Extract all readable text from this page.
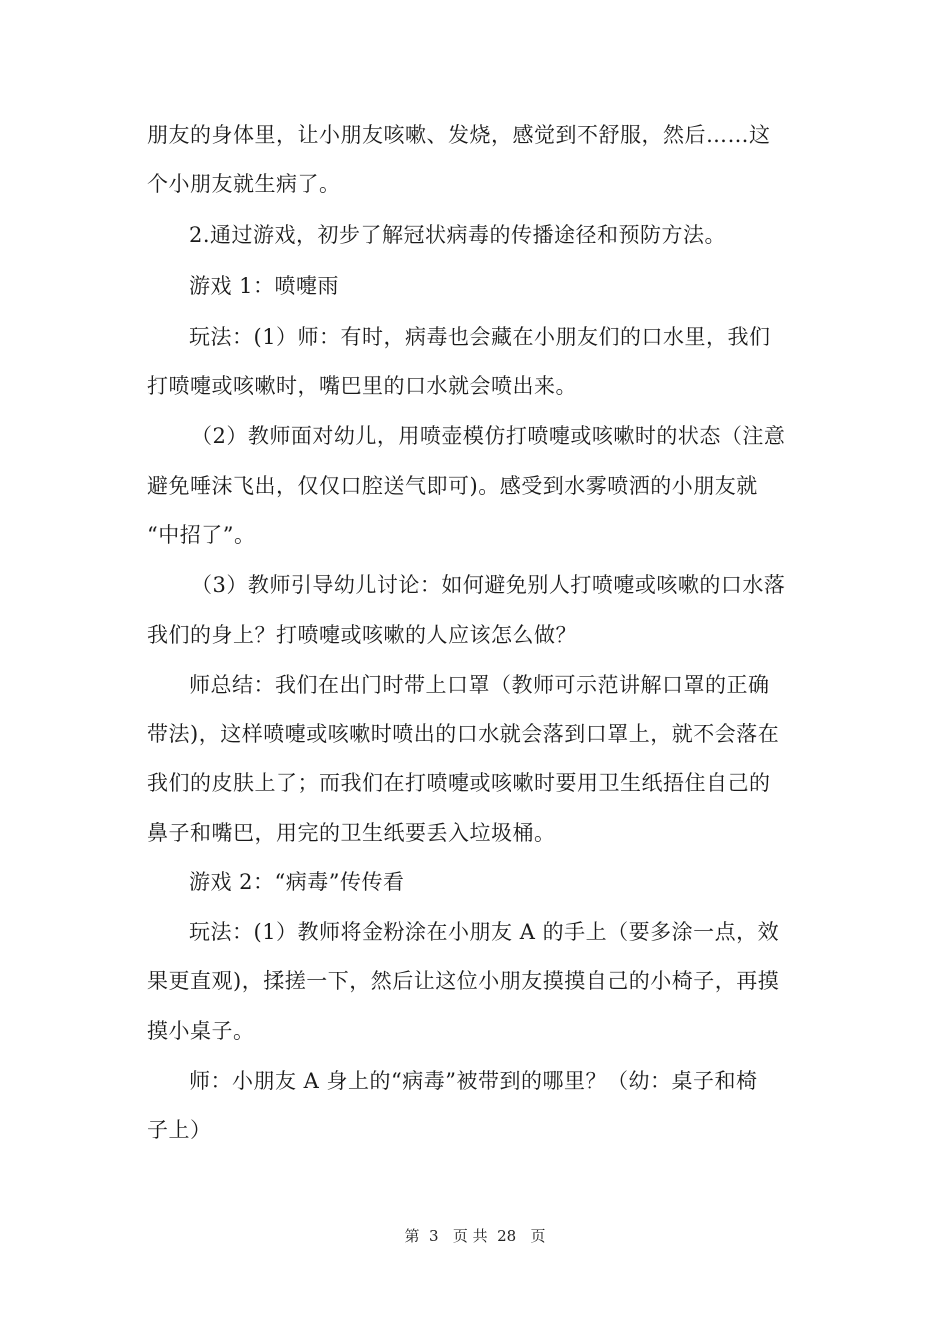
朋友的身体里，让小朋友咳嗽、发烧，感觉到不舒服，然后……这
个小朋友就生病了。
2.通过游戏，初步了解冠状病毒的传播途径和预防方法。
游戏 1：喷嚏雨
玩法：(1）师：有时，病毒也会藏在小朋友们的口水里，我们
打喷嚏或咳嗽时，嘴巴里的口水就会喷出来。
（2）教师面对幼儿，用喷壶模仿打喷嚏或咳嗽时的状态（注意
避免唾沫飞出，仅仅口腔送气即可)。感受到水雾喷洒的小朋友就
“中招了”。
（3）教师引导幼儿讨论：如何避免别人打喷嚏或咳嗽的口水落
我们的身上？打喷嚏或咳嗽的人应该怎么做？
师总结：我们在出门时带上口罩（教师可示范讲解口罩的正确
带法)，这样喷嚏或咳嗽时喷出的口水就会落到口罩上，就不会落在
我们的皮肤上了；而我们在打喷嚏或咳嗽时要用卫生纸捂住自己的
鼻子和嘴巴，用完的卫生纸要丢入垃圾桶。
游戏 2：“病毒”传传看
玩法：(1）教师将金粉涂在小朋友 A 的手上（要多涂一点，效
果更直观)，揉搓一下，然后让这位小朋友摸摸自己的小椅子，再摸
摸小桌子。
师：小朋友 A 身上的“病毒”被带到的哪里？（幼：桌子和椅
子上）
第  3   页 共  28   页
